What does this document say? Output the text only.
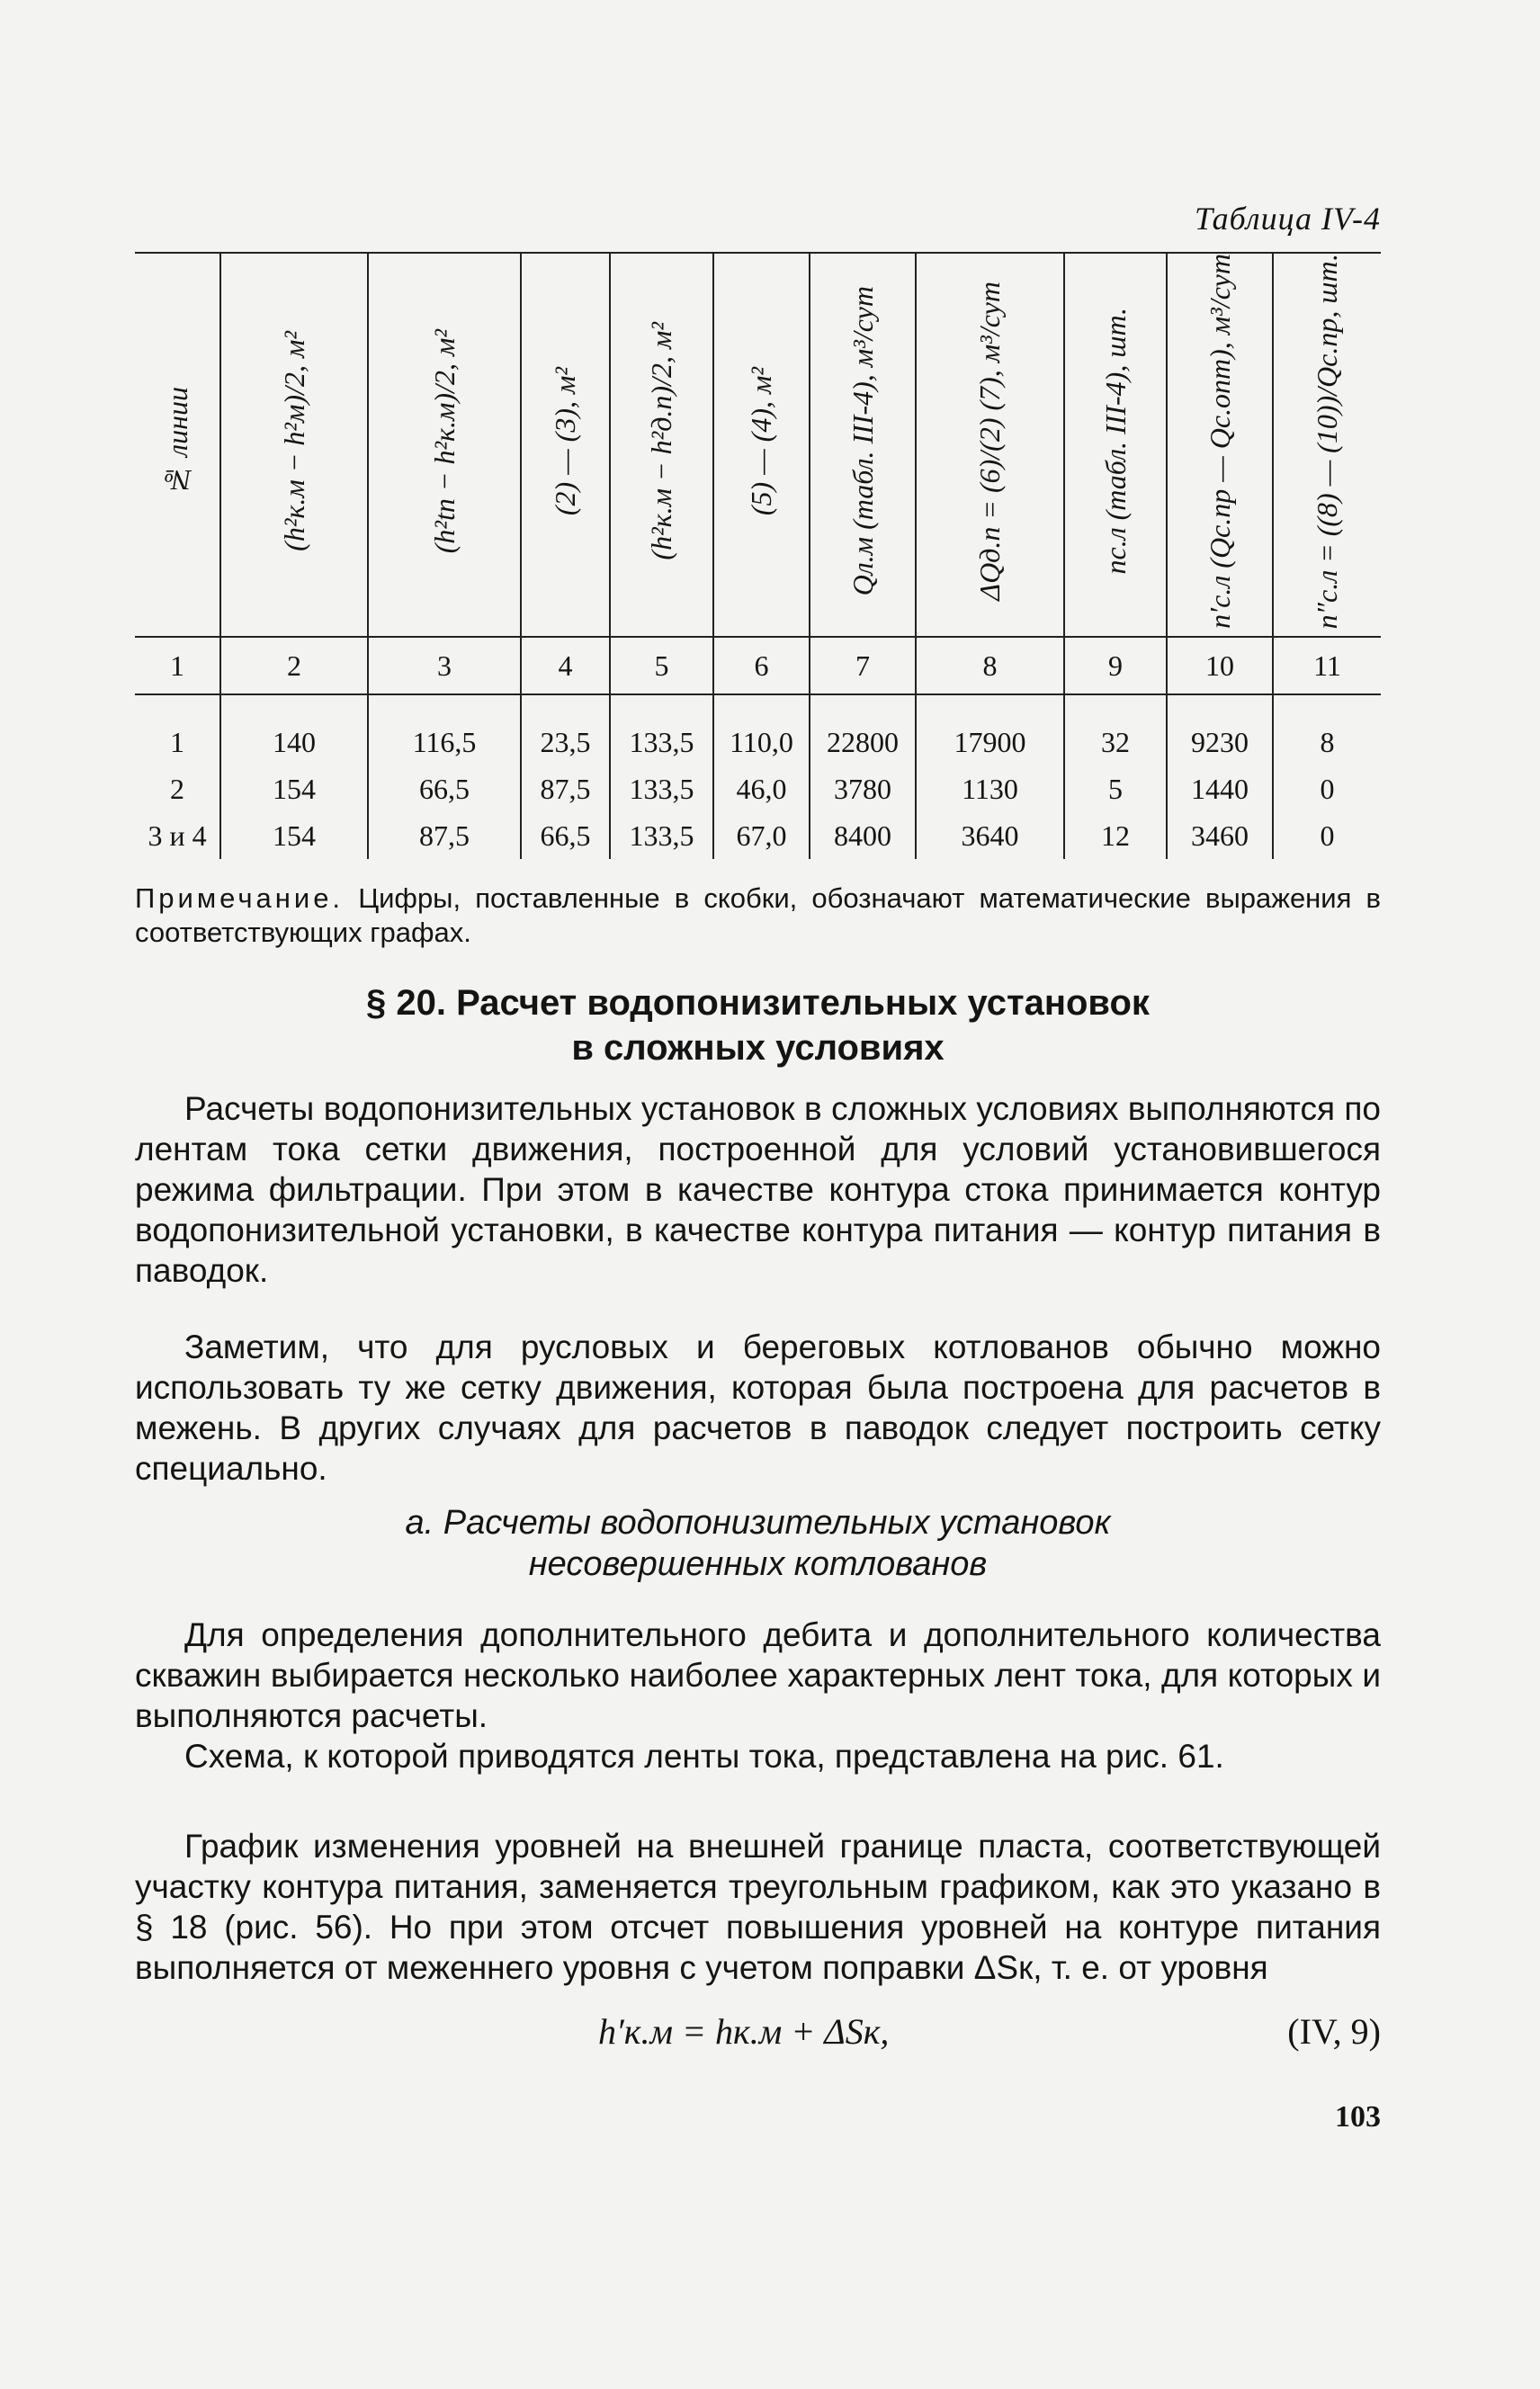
Таблица IV-4
№ линии	(h²к.м − h²м)/2, м²	(h²tn − h²к.м)/2, м²	(2) — (3), м²	(h²к.м − h²д.п)/2, м²	(5) — (4), м²	Qл.м (табл. III-4), м³/сут	ΔQд.п = (6)/(2) (7), м³/сут	nс.л (табл. III-4), шт.	n′с.л (Qс.пр — Qс.опт), м³/сут	n″с.л = ((8) — (10))/Qс.пр, шт.
1	2	3	4	5	6	7	8	9	10	11

1	140	116,5	23,5	133,5	110,0	22800	17900	32	9230	8
2	154	66,5	87,5	133,5	46,0	3780	1130	5	1440	0
3 и 4	154	87,5	66,5	133,5	67,0	8400	3640	12	3460	0
Примечание. Цифры, поставленные в скобки, обозначают математические выражения в соответствующих графах.
§ 20. Расчет водопонизительных установок
в сложных условиях
Расчеты водопонизительных установок в сложных условиях выполняются по лентам тока сетки движения, построенной для условий установившегося режима фильтрации. При этом в качестве контура стока принимается контур водопонизительной установки, в качестве контура питания — контур питания в паводок.
Заметим, что для русловых и береговых котлованов обычно можно использовать ту же сетку движения, которая была построена для расчетов в межень. В других случаях для расчетов в паводок следует построить сетку специально.
а. Расчеты водопонизительных установок
несовершенных котлованов
Для определения дополнительного дебита и дополнительного количества скважин выбирается несколько наиболее характерных лент тока, для которых и выполняются расчеты.
Схема, к которой приводятся ленты тока, представлена на рис. 61.
График изменения уровней на внешней границе пласта, соответствующей участку контура питания, заменяется треугольным графиком, как это указано в § 18 (рис. 56). Но при этом отсчет повышения уровней на контуре питания выполняется от меженнего уровня с учетом поправки ΔSк, т. е. от уровня
h′к.м = hк.м + ΔSк,	(IV, 9)
103
